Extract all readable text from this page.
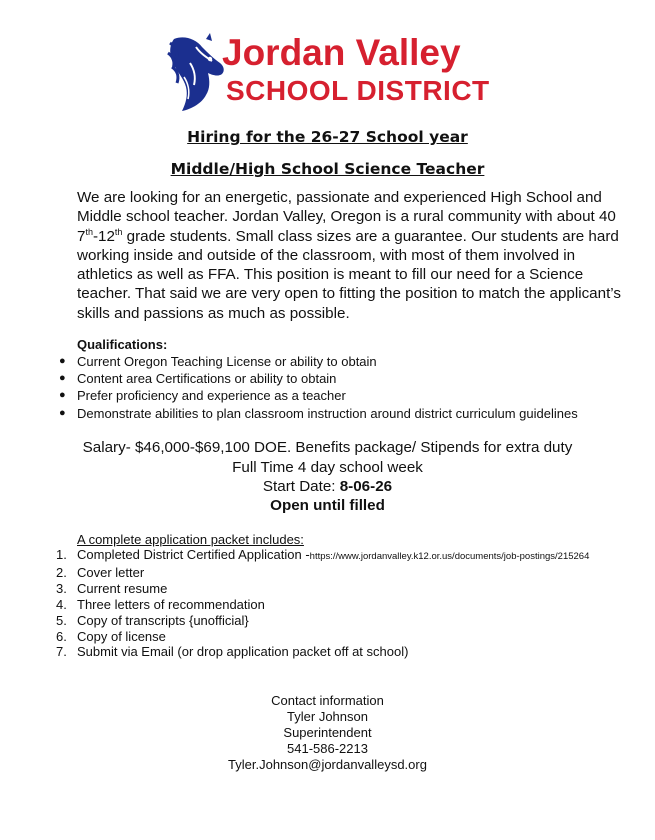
Jordan Valley
SCHOOL DISTRICT
Hiring for the 26-27 School year
Middle/High School Science Teacher
We are looking for an energetic, passionate and experienced High School and Middle school teacher. Jordan Valley, Oregon is a rural community with about 40 7th-12th grade students. Small class sizes are a guarantee. Our students are hard working inside and outside of the classroom, with most of them involved in athletics as well as FFA. This position is meant to fill our need for a Science teacher. That said we are very open to fitting the position to match the applicant’s skills and passions as much as possible.
Qualifications:
● Current Oregon Teaching License or ability to obtain
● Content area Certifications or ability to obtain
● Prefer proficiency and experience as a teacher
● Demonstrate abilities to plan classroom instruction around district curriculum guidelines
Salary- $46,000-$69,100 DOE. Benefits package/ Stipends for extra duty
Full Time 4 day school week
Start Date: 8-06-26
Open until filled
A complete application packet includes:
1. Completed District Certified Application -https://www.jordanvalley.k12.or.us/documents/job-postings/215264
2. Cover letter
3. Current resume
4. Three letters of recommendation
5. Copy of transcripts {unofficial}
6. Copy of license
7. Submit via Email (or drop application packet off at school)
Contact information
Tyler Johnson
Superintendent
541-586-2213
Tyler.Johnson@jordanvalleysd.org
